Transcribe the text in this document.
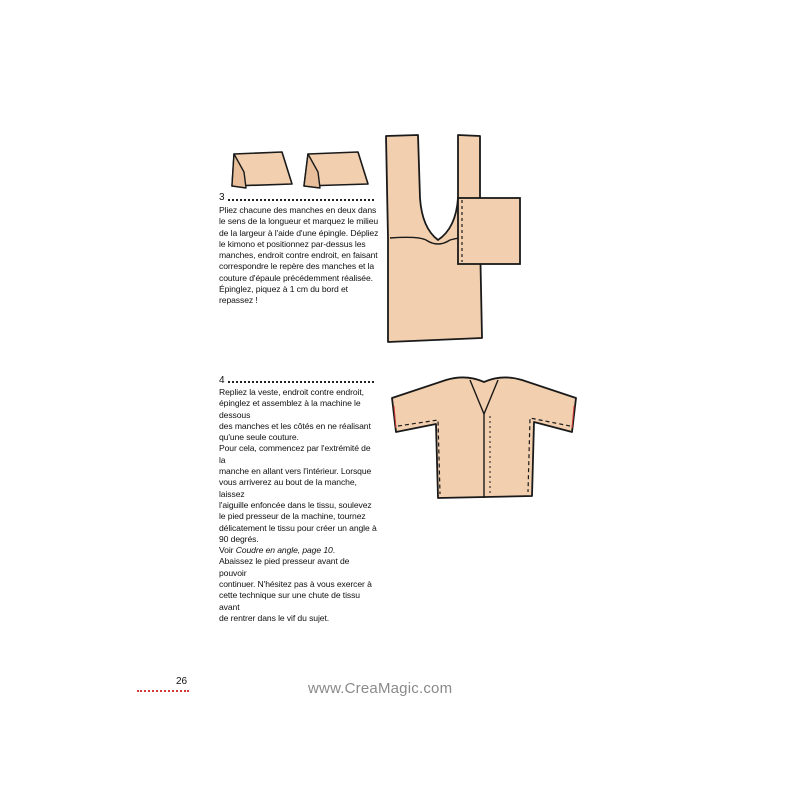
3
Pliez chacune des manches en deux dans
le sens de la longueur et marquez le milieu
de la largeur à l'aide d'une épingle. Dépliez
le kimono et positionnez par-dessus les
manches, endroit contre endroit, en faisant
correspondre le repère des manches et la
couture d'épaule précédemment réalisée.
Épinglez, piquez à 1 cm du bord et repassez !
4
Repliez la veste, endroit contre endroit,
épinglez et assemblez à la machine le dessous
des manches et les côtés en ne réalisant
qu'une seule couture.
Pour cela, commencez par l'extrémité de la
manche en allant vers l'intérieur. Lorsque
vous arriverez au bout de la manche, laissez
l'aiguille enfoncée dans le tissu, soulevez
le pied presseur de la machine, tournez
délicatement le tissu pour créer un angle à
90 degrés.
Voir Coudre en angle, page 10.
Abaissez le pied presseur avant de pouvoir
continuer. N'hésitez pas à vous exercer à
cette technique sur une chute de tissu avant
de rentrer dans le vif du sujet.
26	www.CreaMagic.com
